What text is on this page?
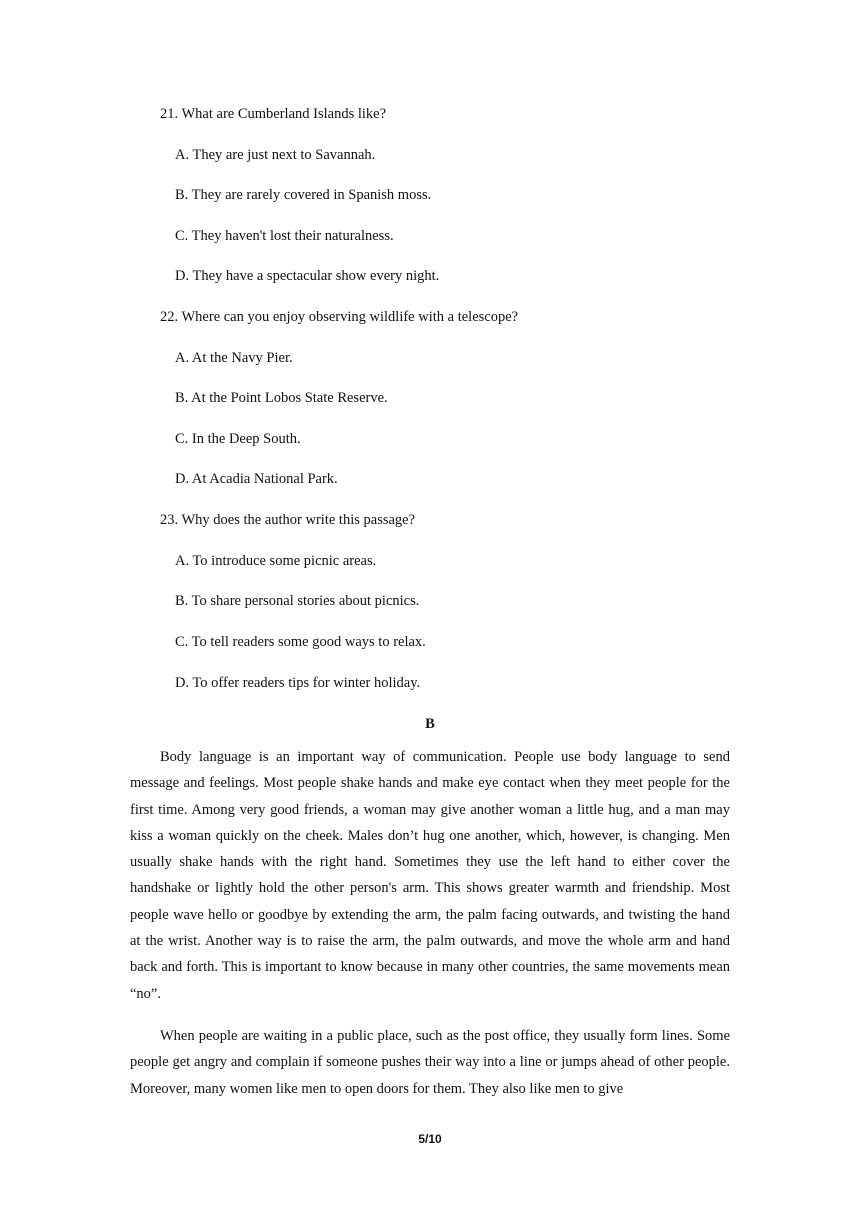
21. What are Cumberland Islands like?
A. They are just next to Savannah.
B. They are rarely covered in Spanish moss.
C. They haven't lost their naturalness.
D. They have a spectacular show every night.
22. Where can you enjoy observing wildlife with a telescope?
A. At the Navy Pier.
B. At the Point Lobos State Reserve.
C. In the Deep South.
D. At Acadia National Park.
23. Why does the author write this passage?
A. To introduce some picnic areas.
B. To share personal stories about picnics.
C. To tell readers some good ways to relax.
D. To offer readers tips for winter holiday.
B

Body language is an important way of communication. People use body language to send message and feelings. Most people shake hands and make eye contact when they meet people for the first time. Among very good friends, a woman may give another woman a little hug, and a man may kiss a woman quickly on the cheek. Males don’t hug one another, which, however, is changing. Men usually shake hands with the right hand. Sometimes they use the left hand to either cover the handshake or lightly hold the other person's arm. This shows greater warmth and friendship. Most people wave hello or goodbye by extending the arm, the palm facing outwards, and twisting the hand at the wrist. Another way is to raise the arm, the palm outwards, and move the whole arm and hand back and forth. This is important to know because in many other countries, the same movements mean “no”.

When people are waiting in a public place, such as the post office, they usually form lines. Some people get angry and complain if someone pushes their way into a line or jumps ahead of other people. Moreover, many women like men to open doors for them. They also like men to give

5/10
